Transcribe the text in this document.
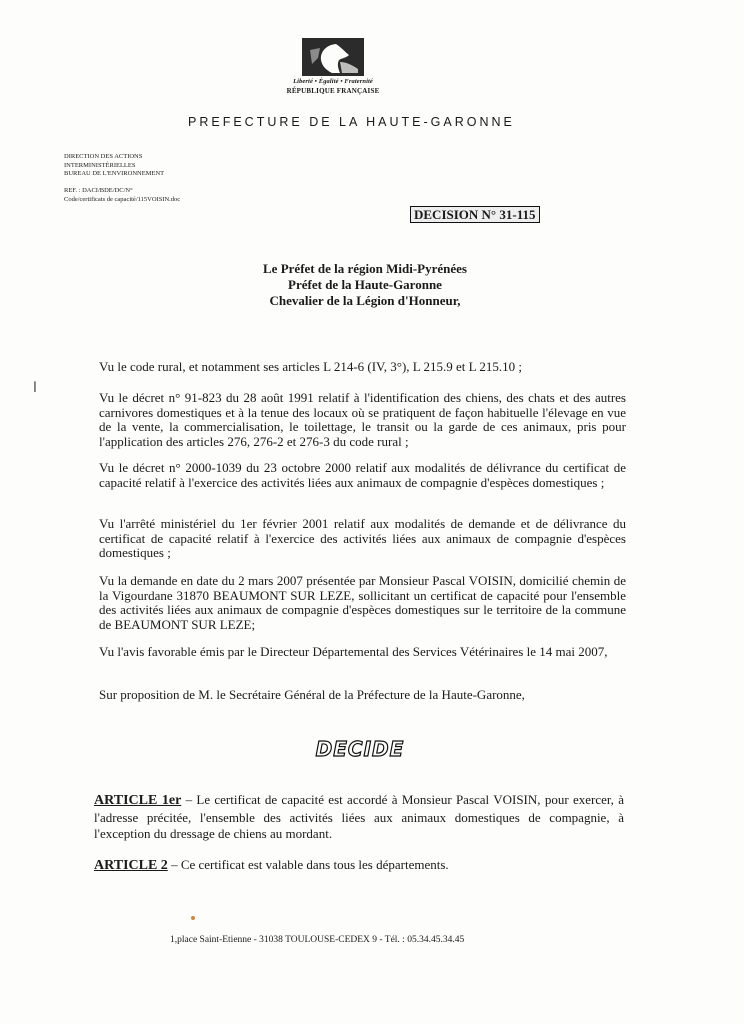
Liberté • Égalité • Fraternité
RÉPUBLIQUE FRANÇAISE
PREFECTURE DE LA HAUTE-GARONNE
DIRECTION DES ACTIONS
INTERMINISTÉRIELLES
BUREAU DE L'ENVIRONNEMENT
REF. : DACI/BDE/DC/N°
Code/certificats de capacité/115VOISIN.doc
DECISION N° 31-115
Le Préfet de la région Midi-Pyrénées
Préfet de la Haute-Garonne
Chevalier de la Légion d'Honneur,
Vu le code rural, et notamment ses articles L 214-6 (IV, 3°), L 215.9 et L 215.10 ;
Vu le décret n° 91-823 du 28 août 1991 relatif à l'identification des chiens, des chats et des autres carnivores domestiques et à la tenue des locaux où se pratiquent de façon habituelle l'élevage en vue de la vente, la commercialisation, le toilettage, le transit ou la garde de ces animaux, pris pour l'application des articles 276, 276-2 et 276-3 du code rural ;
Vu le décret n° 2000-1039 du 23 octobre 2000 relatif aux modalités de délivrance du certificat de capacité relatif à l'exercice des activités liées aux animaux de compagnie d'espèces domestiques ;
Vu l'arrêté ministériel du 1er février 2001 relatif aux modalités de demande et de délivrance du certificat de capacité relatif à l'exercice des activités liées aux animaux de compagnie d'espèces domestiques ;
Vu la demande en date du 2 mars 2007 présentée par Monsieur Pascal VOISIN, domicilié chemin de la Vigourdane 31870 BEAUMONT SUR LEZE, sollicitant un certificat de capacité pour l'ensemble des activités liées aux animaux de compagnie d'espèces domestiques sur le territoire de la commune de BEAUMONT SUR LEZE;
Vu l'avis favorable émis par le Directeur Départemental des Services Vétérinaires le 14 mai 2007,
Sur proposition de M. le Secrétaire Général de la Préfecture de la Haute-Garonne,
DECIDE
ARTICLE 1er – Le certificat de capacité est accordé à Monsieur Pascal VOISIN, pour exercer, à l'adresse précitée, l'ensemble des activités liées aux animaux domestiques de compagnie, à l'exception du dressage de chiens au mordant.
ARTICLE 2 – Ce certificat est valable dans tous les départements.
1,place Saint-Etienne - 31038 TOULOUSE-CEDEX 9 - Tél. : 05.34.45.34.45
ﺍ
